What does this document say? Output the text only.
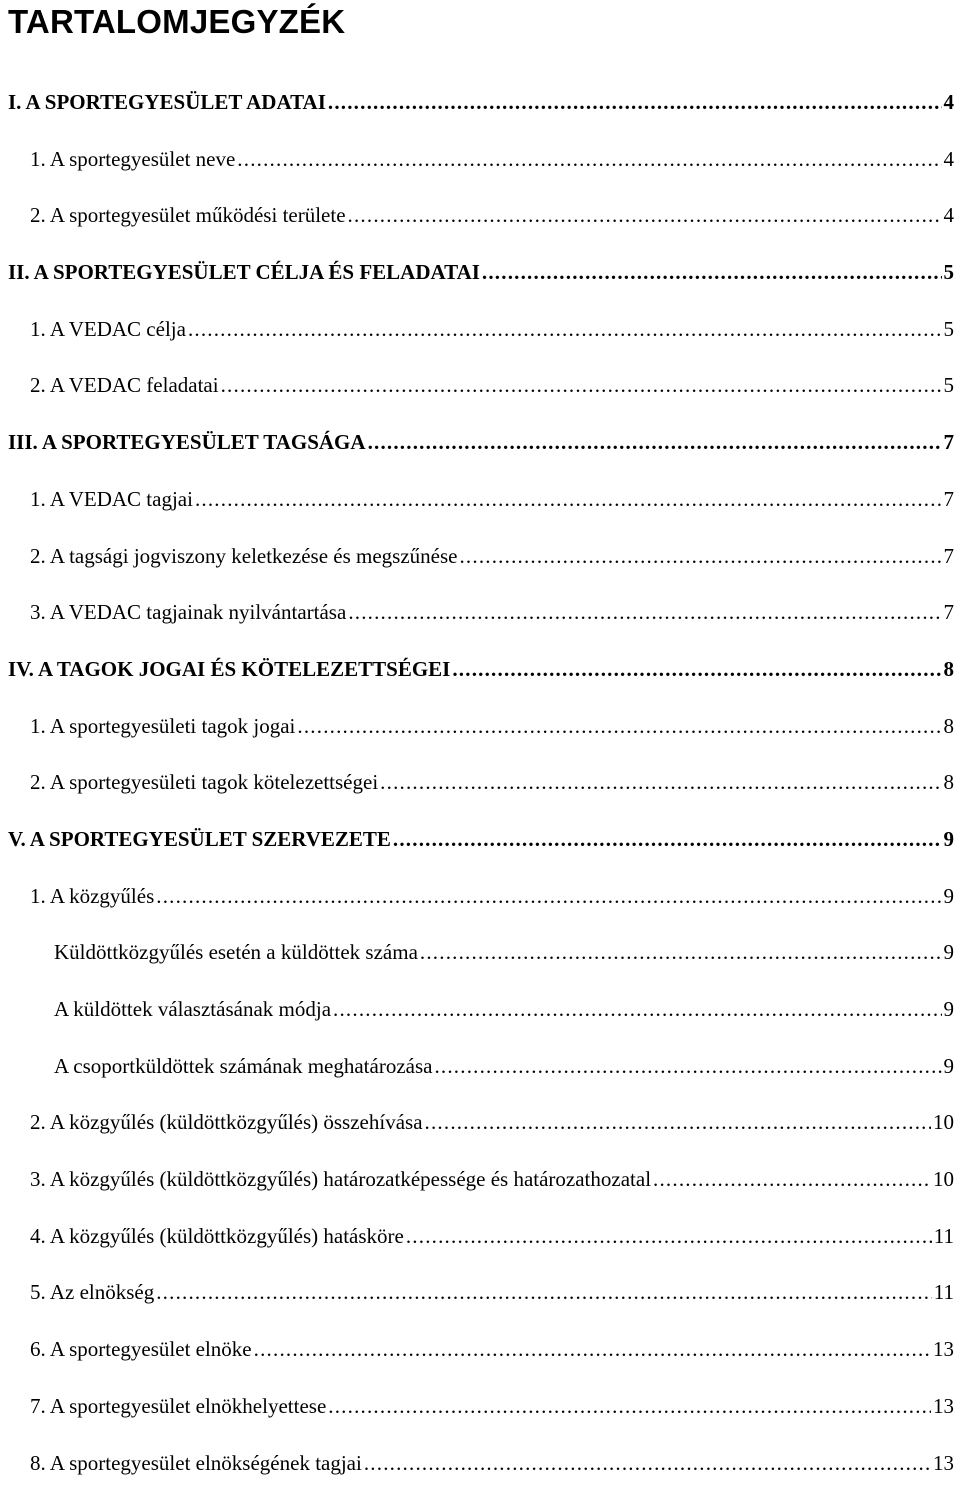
TARTALOMJEGYZÉK
I. A SPORTEGYESÜLET ADATAI .....	4
1. A sportegyesület neve .....	4
2. A sportegyesület működési területe .....	4
II. A SPORTEGYESÜLET CÉLJA ÉS FELADATAI .....	5
1. A VEDAC célja .....	5
2. A VEDAC feladatai .....	5
III. A SPORTEGYESÜLET TAGSÁGA .....	7
1. A VEDAC tagjai .....	7
2. A tagsági jogviszony keletkezése és megszűnése .....	7
3. A VEDAC tagjainak nyilvántartása .....	7
IV. A TAGOK JOGAI ÉS KÖTELEZETTSÉGEI .....	8
1. A sportegyesületi tagok jogai .....	8
2. A sportegyesületi tagok kötelezettségei .....	8
V. A SPORTEGYESÜLET SZERVEZETE .....	9
1. A közgyűlés .....	9
Küldöttközgyűlés esetén a küldöttek száma .....	9
A küldöttek választásának módja .....	9
A csoportküldöttek számának meghatározása .....	9
2. A közgyűlés (küldöttközgyűlés) összehívása .....	10
3. A közgyűlés (küldöttközgyűlés) határozatképessége és határozathozatal .....	10
4. A közgyűlés (küldöttközgyűlés) hatásköre .....	11
5. Az elnökség .....	11
6. A sportegyesület elnöke .....	13
7. A sportegyesület elnökhelyettese .....	13
8. A sportegyesület elnökségének tagjai .....	13
